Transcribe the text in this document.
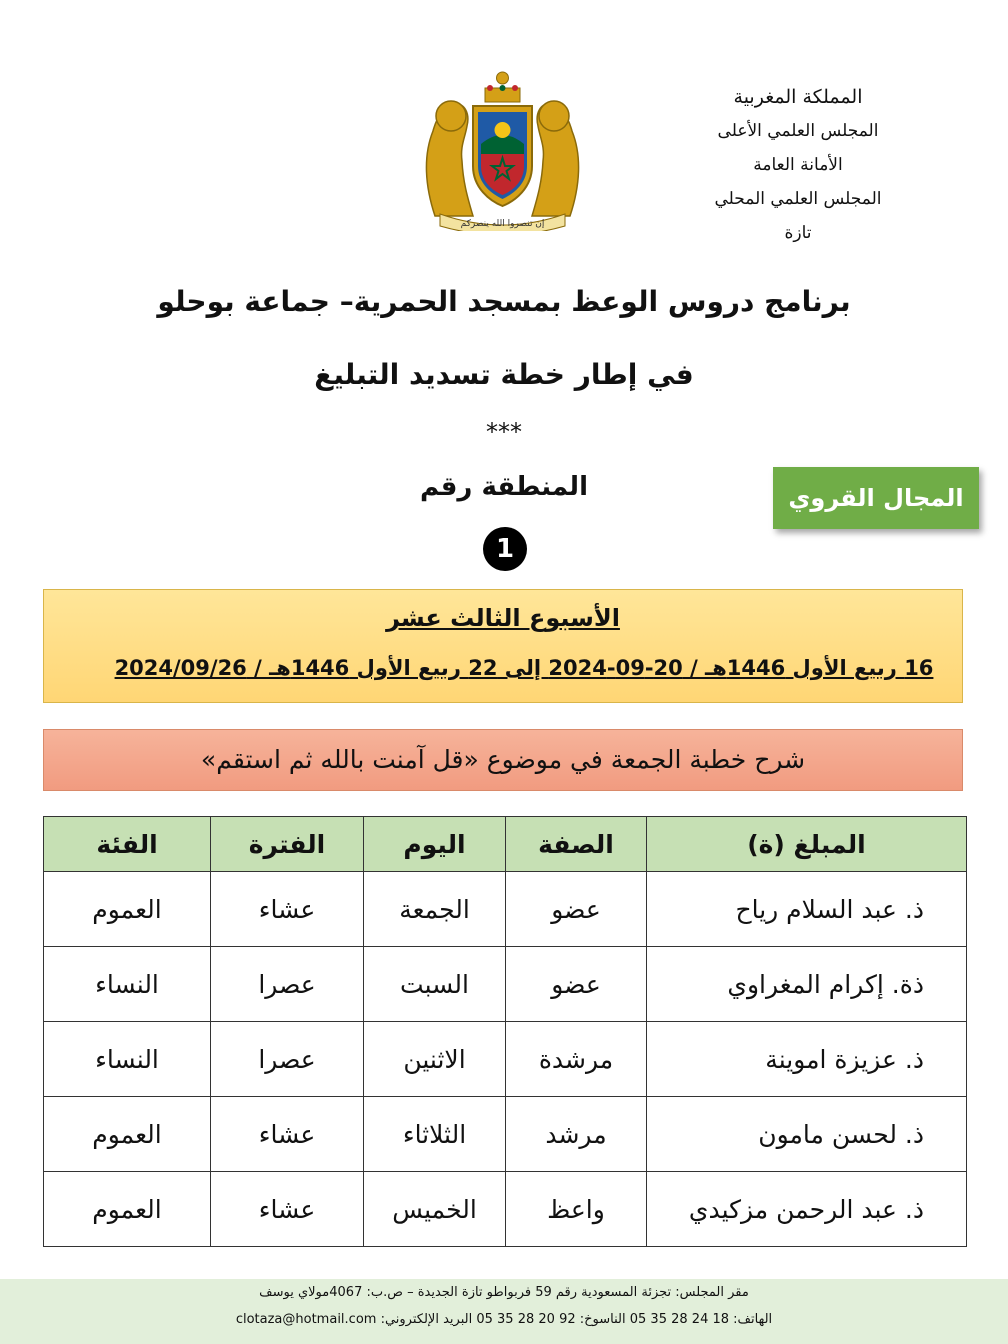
المملكة المغربية
المجلس العلمي الأعلى
الأمانة العامة
المجلس العلمي المحلي
تازة
إن تنصروا الله ينصركم
برنامج دروس الوعظ بمسجد الحمرية– جماعة بوحلو
في إطار خطة تسديد التبليغ
***
المنطقة رقم
1
المجال القروي
الأسبوع الثالث عشر
16 ربيع الأول 1446هـ / 20-09-2024 إلى 22 ربيع الأول 1446هـ / 2024/09/26
شرح خطبة الجمعة في موضوع «قل آمنت بالله ثم استقم»
المبلغ (ة)	الصفة	اليوم	الفترة	الفئة
ذ. عبد السلام رياح	عضو	الجمعة	عشاء	العموم
ذة. إكرام المغراوي	عضو	السبت	عصرا	النساء
ذ. عزيزة اموينة	مرشدة	الاثنين	عصرا	النساء
ذ. لحسن مامون	مرشد	الثلاثاء	عشاء	العموم
ذ. عبد الرحمن مزكيدي	واعظ	الخميس	عشاء	العموم
مقر المجلس: تجزئة المسعودية رقم 59 فربواطو تازة الجديدة – ص.ب: 4067مولاي يوسف
الهاتف: 18 24 28 35 05 الناسوخ: 92 20 28 35 05 البريد الإلكتروني: clotaza@hotmail.com
